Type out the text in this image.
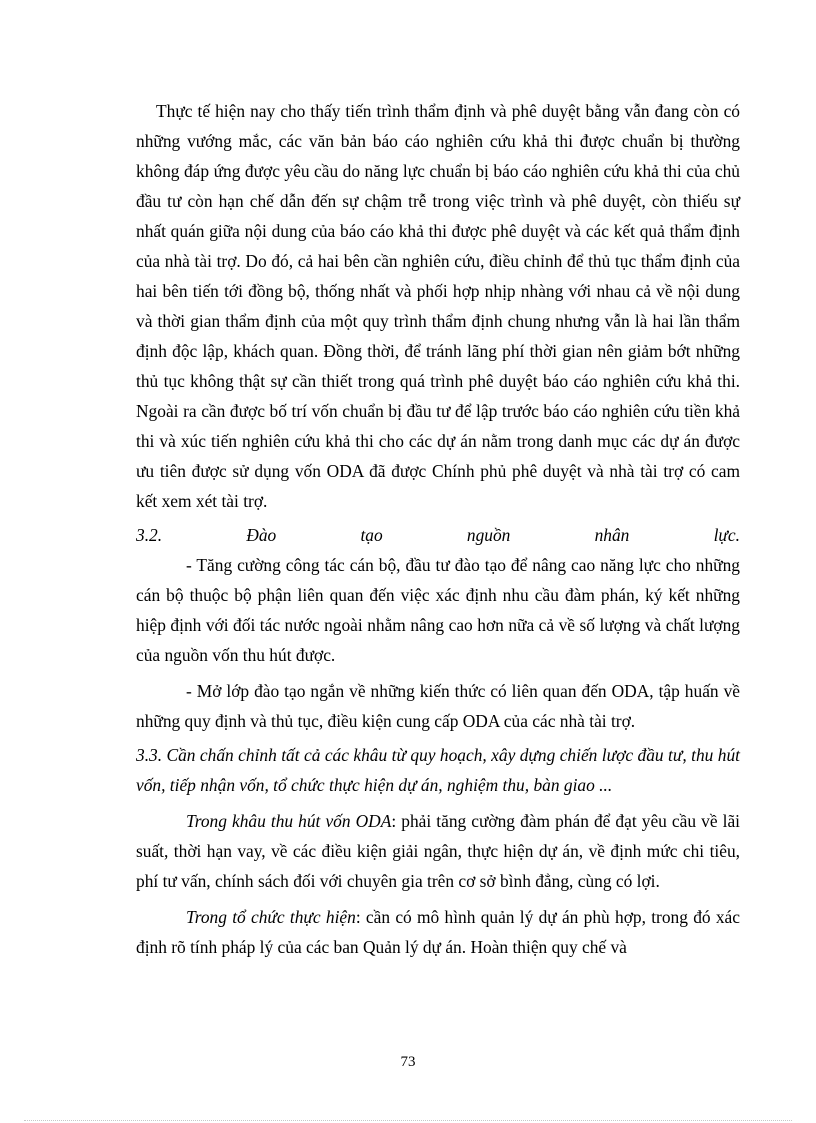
Thực tế hiện nay cho thấy tiến trình thẩm định và phê duyệt bằng vẫn đang còn có những vướng mắc, các văn bản báo cáo nghiên cứu khả thi được chuẩn bị thường không đáp ứng được yêu cầu do năng lực chuẩn bị báo cáo nghiên cứu khả thi của chủ đầu tư còn hạn chế dẫn đến sự chậm trễ trong việc trình và phê duyệt, còn thiếu sự nhất quán giữa nội dung của báo cáo khả thi được phê duyệt và các kết quả thẩm định của nhà tài trợ. Do đó, cả hai bên cần nghiên cứu, điều chỉnh để thủ tục thẩm định của hai bên tiến tới đồng bộ, thống nhất và phối hợp nhịp nhàng với nhau cả về nội dung và thời gian thẩm định của một quy trình thẩm định chung nhưng vẫn là hai lần thẩm định độc lập, khách quan. Đồng thời, để tránh lãng phí thời gian nên giảm bớt những thủ tục không thật sự cần thiết trong quá trình phê duyệt báo cáo nghiên cứu khả thi. Ngoài ra cần được bố trí vốn chuẩn bị đầu tư để lập trước báo cáo nghiên cứu tiền khả thi và xúc tiến nghiên cứu khả thi cho các dự án nằm trong danh mục các dự án được ưu tiên được sử dụng vốn ODA đã được Chính phủ phê duyệt và nhà tài trợ có cam kết xem xét tài trợ.

3.2.	Đào	tạo	nguồn	nhân	lực.

- Tăng cường công tác cán bộ, đầu tư đào tạo để nâng cao năng lực cho những cán bộ thuộc bộ phận liên quan đến việc xác định nhu cầu đàm phán, ký kết những hiệp định với đối tác nước ngoài nhằm nâng cao hơn nữa cả về số lượng và chất lượng của nguồn vốn thu hút được.

- Mở lớp đào tạo ngắn về những kiến thức có liên quan đến ODA, tập huấn về những quy định và thủ tục, điều kiện cung cấp ODA của các nhà tài trợ.

3.3. Cần chấn chỉnh tất cả các khâu từ quy hoạch, xây dựng chiến lược đầu tư, thu hút vốn, tiếp nhận vốn, tổ chức thực hiện dự án, nghiệm thu, bàn giao ...

Trong khâu thu hút vốn ODA: phải tăng cường đàm phán để đạt yêu cầu về lãi suất, thời hạn vay, về các điều kiện giải ngân, thực hiện dự án, về định mức chi tiêu, phí tư vấn, chính sách đối với chuyên gia trên cơ sở bình đẳng, cùng có lợi.

Trong tổ chức thực hiện: cần có mô hình quản lý dự án phù hợp, trong đó xác định rõ tính pháp lý của các ban Quản lý dự án. Hoàn thiện quy chế và

73
